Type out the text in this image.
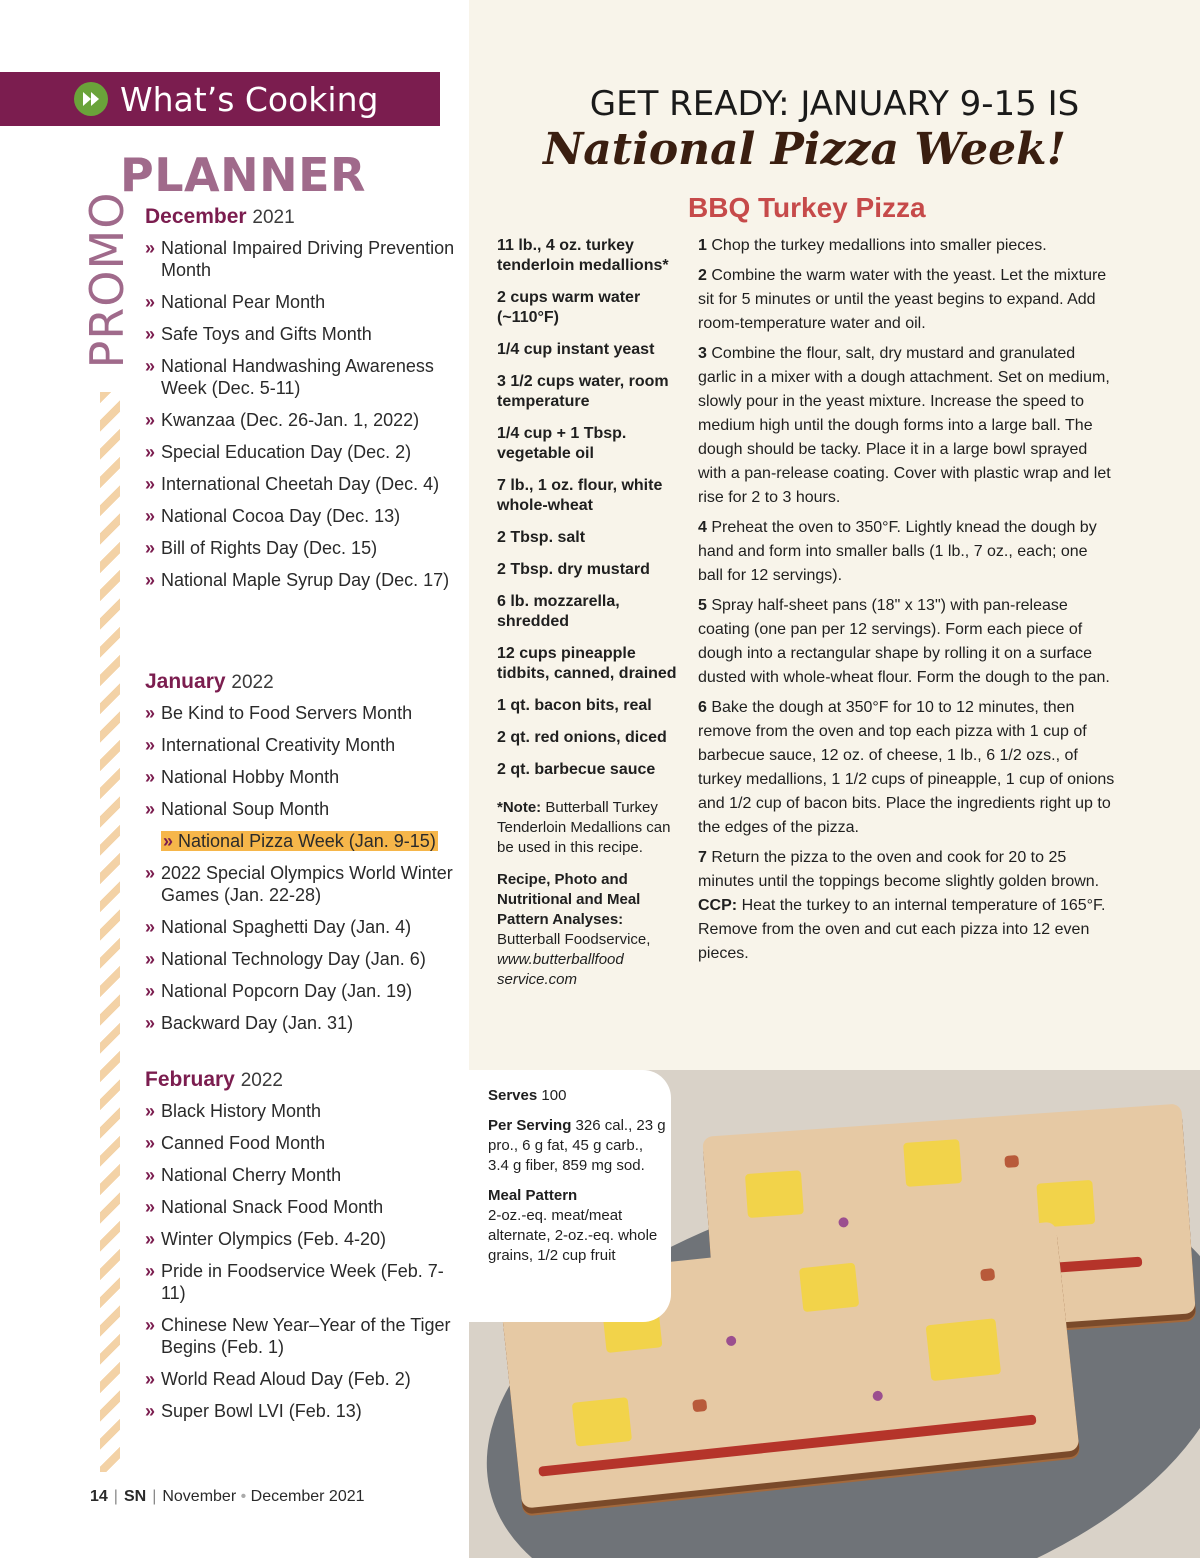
What’s Cooking
PLANNER
PROMO December 2021
» National Impaired Driving Prevention Month
» National Pear Month
» Safe Toys and Gifts Month
» National Handwashing Awareness Week (Dec. 5-11)
» Kwanzaa (Dec. 26-Jan. 1, 2022)
» Special Education Day (Dec. 2)
» International Cheetah Day (Dec. 4)
» National Cocoa Day (Dec. 13)
» Bill of Rights Day (Dec. 15)
» National Maple Syrup Day (Dec. 17)
January 2022
» Be Kind to Food Servers Month
» International Creativity Month
» National Hobby Month
» National Soup Month
» National Pizza Week (Jan. 9-15)
» 2022 Special Olympics World Winter Games (Jan. 22-28)
» National Spaghetti Day (Jan. 4)
» National Technology Day (Jan. 6)
» National Popcorn Day (Jan. 19)
» Backward Day (Jan. 31)
February 2022
» Black History Month
» Canned Food Month
» National Cherry Month
» National Snack Food Month
» Winter Olympics (Feb. 4-20)
» Pride in Foodservice Week (Feb. 7-11)
» Chinese New Year–Year of the Tiger Begins (Feb. 1)
» World Read Aloud Day (Feb. 2)
» Super Bowl LVI (Feb. 13)
14 | SN | November • December 2021
GET READY: JANUARY 9-15 IS
National Pizza Week!
BBQ Turkey Pizza
11 lb., 4 oz. turkey tenderloin medallions*
2 cups warm water (~110°F)
1/4 cup instant yeast
3 1/2 cups water, room temperature
1/4 cup + 1 Tbsp. vegetable oil
7 lb., 1 oz. flour, white whole-wheat
2 Tbsp. salt
2 Tbsp. dry mustard
6 lb. mozzarella, shredded
12 cups pineapple tidbits, canned, drained
1 qt. bacon bits, real
2 qt. red onions, diced
2 qt. barbecue sauce
*Note: Butterball Turkey Tenderloin Medallions can be used in this recipe.
Recipe, Photo and Nutritional and Meal Pattern Analyses:
Butterball Foodservice,
www.butterballfood service.com

1 Chop the turkey medallions into smaller pieces.

2 Combine the warm water with the yeast. Let the mixture sit for 5 minutes or until the yeast begins to expand. Add room-temperature water and oil.

3 Combine the flour, salt, dry mustard and granulated garlic in a mixer with a dough attachment. Set on medium, slowly pour in the yeast mixture. Increase the speed to medium high until the dough forms into a large ball. The dough should be tacky. Place it in a large bowl sprayed with a pan-release coating. Cover with plastic wrap and let rise for 2 to 3 hours.

4 Preheat the oven to 350°F. Lightly knead the dough by hand and form into smaller balls (1 lb., 7 oz., each; one ball for 12 servings).

5 Spray half-sheet pans (18" x 13") with pan-release coating (one pan per 12 servings). Form each piece of dough into a rectangular shape by rolling it on a surface dusted with whole-wheat flour. Form the dough to the pan.

6 Bake the dough at 350°F for 10 to 12 minutes, then remove from the oven and top each pizza with 1 cup of barbecue sauce, 12 oz. of cheese, 1 lb., 6 1/2 ozs., of turkey medallions, 1 1/2 cups of pineapple, 1 cup of onions and 1/2 cup of bacon bits. Place the ingredients right up to the edges of the pizza.

7 Return the pizza to the oven and cook for 20 to 25 minutes until the toppings become slightly golden brown. CCP: Heat the turkey to an internal temperature of 165°F. Remove from the oven and cut each pizza into 12 even pieces.

Serves 100

Per Serving 326 cal., 23 g pro., 6 g fat, 45 g carb., 3.4 g fiber, 859 mg sod.

Meal Pattern
2-oz.-eq. meat/meat alternate, 2-oz.-eq. whole grains, 1/2 cup fruit
